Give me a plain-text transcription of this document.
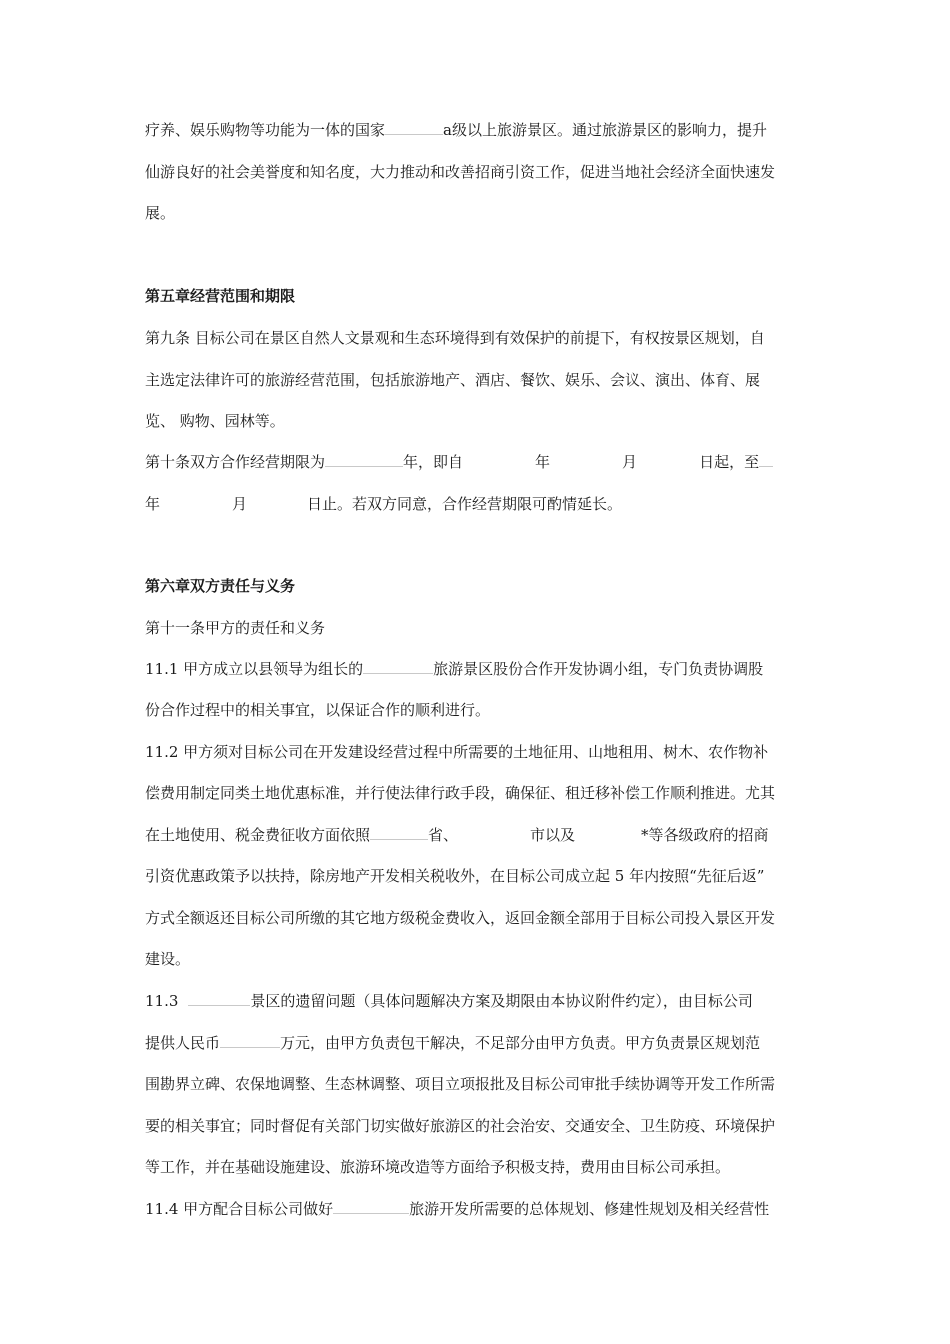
疗养、娱乐购物等功能为一体的国家	a级以上旅游景区。通过旅游景区的影响力，提升
仙游良好的社会美誉度和知名度，大力推动和改善招商引资工作，促进当地社会经济全面快速发
展。
第五章经营范围和期限
第九条 目标公司在景区自然人文景观和生态环境得到有效保护的前提下，有权按景区规划，自
主选定法律许可的旅游经营范围，包括旅游地产、酒店、餐饮、娱乐、会议、演出、体育、展
览、 购物、园林等。
第十条双方合作经营期限为	年，即自	年	月	日起，至
年	月	日止。若双方同意，合作经营期限可酌情延长。
第六章双方责任与义务
第十一条甲方的责任和义务
11.1 甲方成立以县领导为组长的	旅游景区股份合作开发协调小组，专门负责协调股
份合作过程中的相关事宜，以保证合作的顺利进行。
11.2 甲方须对目标公司在开发建设经营过程中所需要的土地征用、山地租用、树木、农作物补
偿费用制定同类土地优惠标准，并行使法律行政手段，确保征、租迁移补偿工作顺利推进。尤其
在土地使用、税金费征收方面依照	省、	市以及	*等各级政府的招商
引资优惠政策予以扶持，除房地产开发相关税收外，在目标公司成立起 5 年内按照“先征后返”
方式全额返还目标公司所缴的其它地方级税金费收入，返回金额全部用于目标公司投入景区开发
建设。
11.3	景区的遗留问题（具体问题解决方案及期限由本协议附件约定），由目标公司
提供人民币	万元，由甲方负责包干解决，不足部分由甲方负责。甲方负责景区规划范
围勘界立碑、农保地调整、生态林调整、项目立项报批及目标公司审批手续协调等开发工作所需
要的相关事宜；同时督促有关部门切实做好旅游区的社会治安、交通安全、卫生防疫、环境保护
等工作，并在基础设施建设、旅游环境改造等方面给予积极支持，费用由目标公司承担。
11.4 甲方配合目标公司做好	旅游开发所需要的总体规划、修建性规划及相关经营性
